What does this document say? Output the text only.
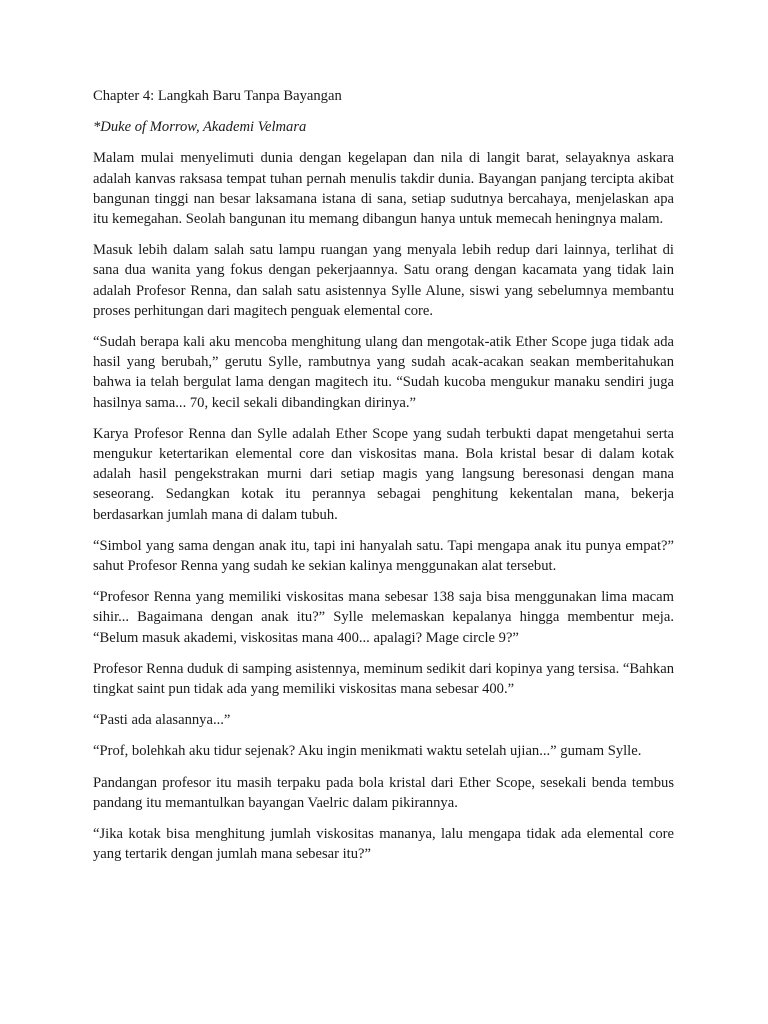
Chapter 4: Langkah Baru Tanpa Bayangan

*Duke of Morrow, Akademi Velmara

Malam mulai menyelimuti dunia dengan kegelapan dan nila di langit barat, selayaknya askara adalah kanvas raksasa tempat tuhan pernah menulis takdir dunia. Bayangan panjang tercipta akibat bangunan tinggi nan besar laksamana istana di sana, setiap sudutnya bercahaya, menjelaskan apa itu kemegahan. Seolah bangunan itu memang dibangun hanya untuk memecah heningnya malam.

Masuk lebih dalam salah satu lampu ruangan yang menyala lebih redup dari lainnya, terlihat di sana dua wanita yang fokus dengan pekerjaannya. Satu orang dengan kacamata yang tidak lain adalah Profesor Renna, dan salah satu asistennya Sylle Alune, siswi yang sebelumnya membantu proses perhitungan dari magitech penguak elemental core.

“Sudah berapa kali aku mencoba menghitung ulang dan mengotak-atik Ether Scope juga tidak ada hasil yang berubah,” gerutu Sylle, rambutnya yang sudah acak-acakan seakan memberitahukan bahwa ia telah bergulat lama dengan magitech itu. “Sudah kucoba mengukur manaku sendiri juga hasilnya sama... 70, kecil sekali dibandingkan dirinya.”

Karya Profesor Renna dan Sylle adalah Ether Scope yang sudah terbukti dapat mengetahui serta mengukur ketertarikan elemental core dan viskositas mana. Bola kristal besar di dalam kotak adalah hasil pengekstrakan murni dari setiap magis yang langsung beresonasi dengan mana seseorang. Sedangkan kotak itu perannya sebagai penghitung kekentalan mana, bekerja berdasarkan jumlah mana di dalam tubuh.

“Simbol yang sama dengan anak itu, tapi ini hanyalah satu. Tapi mengapa anak itu punya empat?” sahut Profesor Renna yang sudah ke sekian kalinya menggunakan alat tersebut.

“Profesor Renna yang memiliki viskositas mana sebesar 138 saja bisa menggunakan lima macam sihir... Bagaimana dengan anak itu?” Sylle melemaskan kepalanya hingga membentur meja. “Belum masuk akademi, viskositas mana 400... apalagi? Mage circle 9?”

Profesor Renna duduk di samping asistennya, meminum sedikit dari kopinya yang tersisa. “Bahkan tingkat saint pun tidak ada yang memiliki viskositas mana sebesar 400.”

“Pasti ada alasannya...”

“Prof, bolehkah aku tidur sejenak? Aku ingin menikmati waktu setelah ujian...” gumam Sylle.

Pandangan profesor itu masih terpaku pada bola kristal dari Ether Scope, sesekali benda tembus pandang itu memantulkan bayangan Vaelric dalam pikirannya.

“Jika kotak bisa menghitung jumlah viskositas mananya, lalu mengapa tidak ada elemental core yang tertarik dengan jumlah mana sebesar itu?”
